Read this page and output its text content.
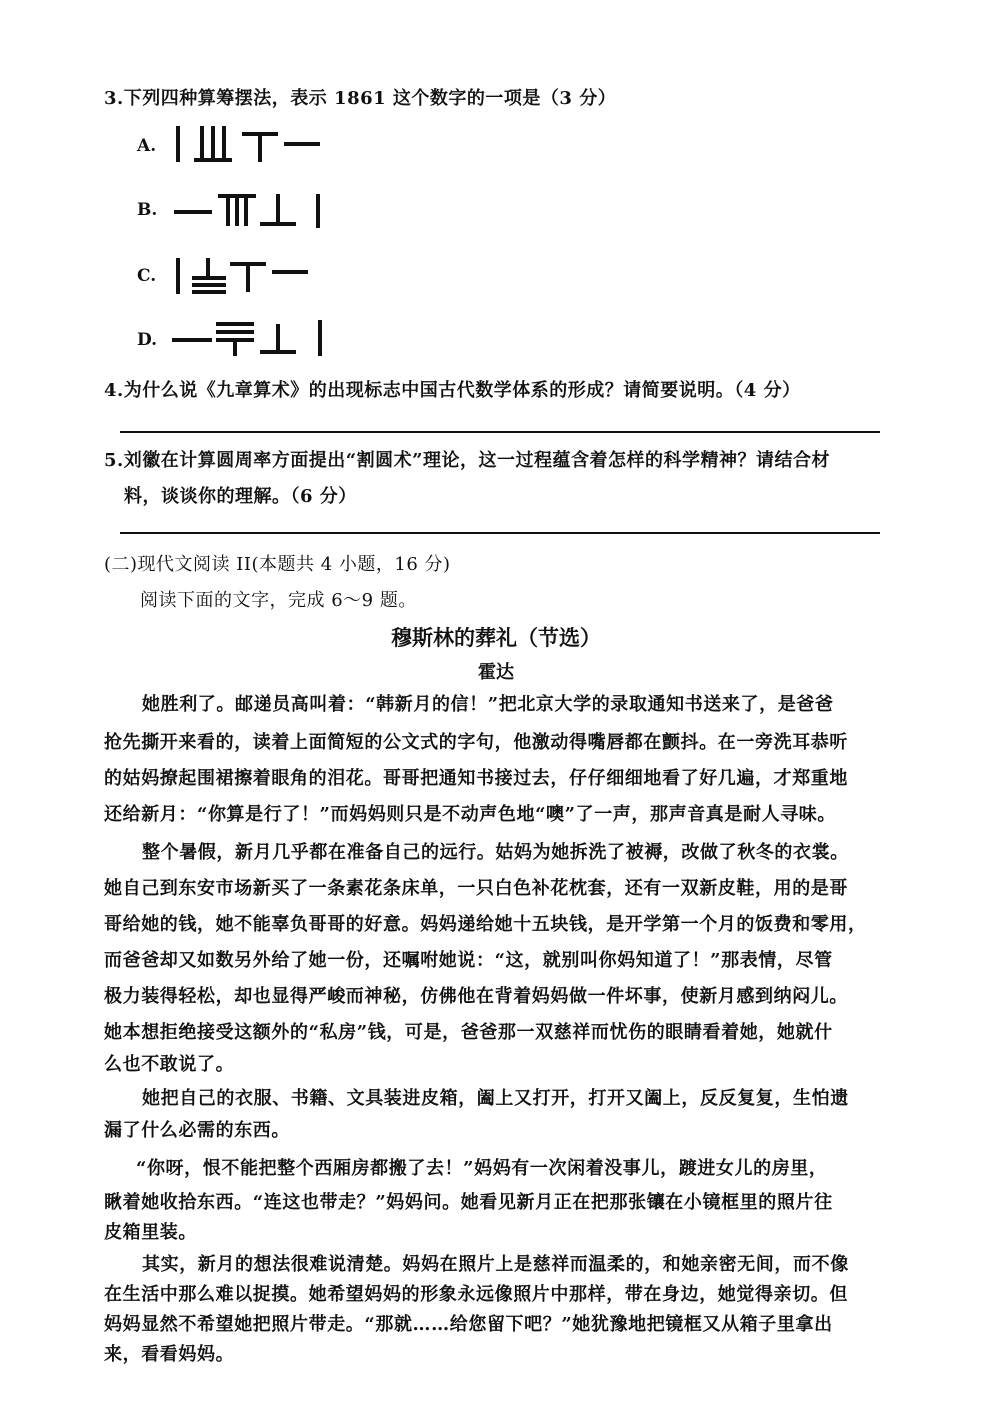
3.下列四种算筹摆法，表示 1861 这个数字的一项是（3 分）
A.
B.
C.
D.
4.为什么说《九章算术》的出现标志中国古代数学体系的形成？请简要说明。（4 分）
5.刘徽在计算圆周率方面提出“割圆术”理论，这一过程蕴含着怎样的科学精神？请结合材
料，谈谈你的理解。（6 分）
(二)现代文阅读 II(本题共 4 小题，16 分)
阅读下面的文字，完成 6～9 题。
穆斯林的葬礼（节选）
霍达
她胜利了。邮递员高叫着：“韩新月的信！”把北京大学的录取通知书送来了，是爸爸
抢先撕开来看的，读着上面简短的公文式的字句，他激动得嘴唇都在颤抖。在一旁洗耳恭听
的姑妈撩起围裙擦着眼角的泪花。哥哥把通知书接过去，仔仔细细地看了好几遍，才郑重地
还给新月：“你算是行了！”而妈妈则只是不动声色地“噢”了一声，那声音真是耐人寻味。
整个暑假，新月几乎都在准备自己的远行。姑妈为她拆洗了被褥，改做了秋冬的衣裳。
她自己到东安市场新买了一条素花条床单，一只白色补花枕套，还有一双新皮鞋，用的是哥
哥给她的钱，她不能辜负哥哥的好意。妈妈递给她十五块钱，是开学第一个月的饭费和零用，
而爸爸却又如数另外给了她一份，还嘱咐她说：“这，就别叫你妈知道了！”那表情，尽管
极力装得轻松，却也显得严峻而神秘，仿佛他在背着妈妈做一件坏事，使新月感到纳闷儿。
她本想拒绝接受这额外的“私房”钱，可是，爸爸那一双慈祥而忧伤的眼睛看着她，她就什
么也不敢说了。
她把自己的衣服、书籍、文具装进皮箱，阖上又打开，打开又阖上，反反复复，生怕遗
漏了什么必需的东西。
“你呀，恨不能把整个西厢房都搬了去！”妈妈有一次闲着没事儿，踱进女儿的房里，
瞅着她收拾东西。“连这也带走？”妈妈问。她看见新月正在把那张镶在小镜框里的照片往
皮箱里装。
其实，新月的想法很难说清楚。妈妈在照片上是慈祥而温柔的，和她亲密无间，而不像
在生活中那么难以捉摸。她希望妈妈的形象永远像照片中那样，带在身边，她觉得亲切。但
妈妈显然不希望她把照片带走。“那就……给您留下吧？”她犹豫地把镜框又从箱子里拿出
来，看看妈妈。
